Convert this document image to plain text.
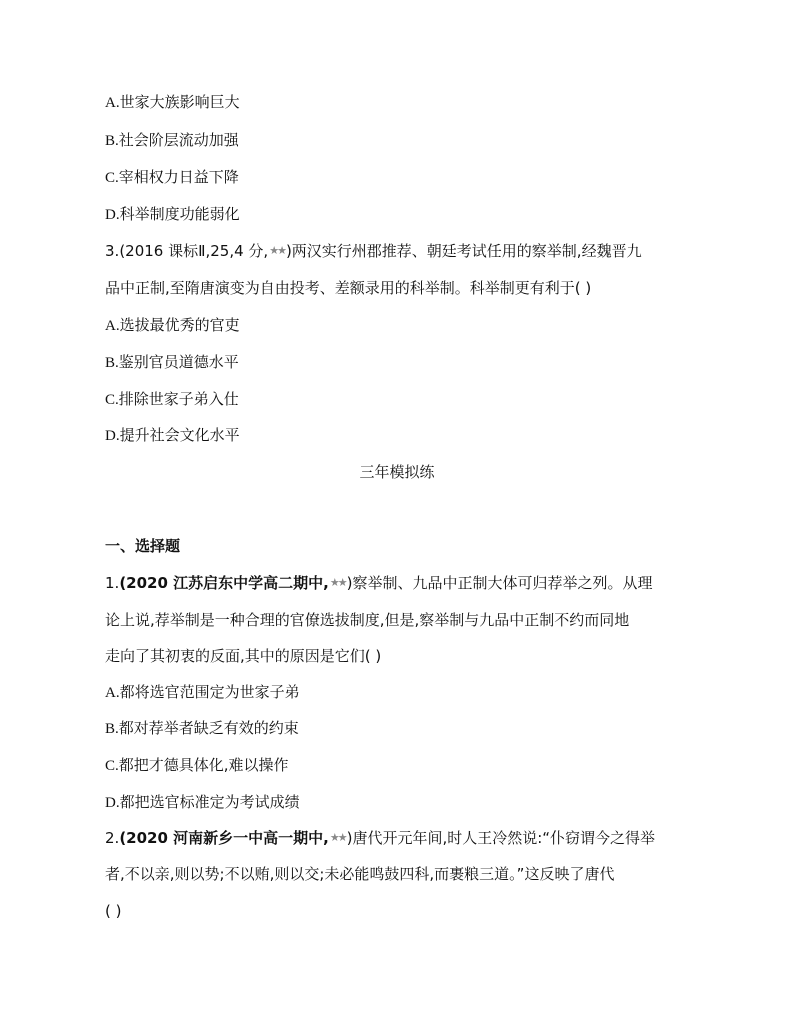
A.世家大族影响巨大
B.社会阶层流动加强
C.宰相权力日益下降
D.科举制度功能弱化
3.(2016 课标Ⅱ,25,4 分,★★)两汉实行州郡推荐、朝廷考试任用的察举制,经魏晋九
品中正制,至隋唐演变为自由投考、差额录用的科举制。科举制更有利于( )
A.选拔最优秀的官吏
B.鉴别官员道德水平
C.排除世家子弟入仕
D.提升社会文化水平
三年模拟练
一、选择题
1.(2020 江苏启东中学高二期中,★★)察举制、九品中正制大体可归荐举之列。从理
论上说,荐举制是一种合理的官僚选拔制度,但是,察举制与九品中正制不约而同地
走向了其初衷的反面,其中的原因是它们( )
A.都将选官范围定为世家子弟
B.都对荐举者缺乏有效的约束
C.都把才德具体化,难以操作
D.都把选官标准定为考试成绩
2.(2020 河南新乡一中高一期中,★★)唐代开元年间,时人王冷然说:“仆窃谓今之得举
者,不以亲,则以势;不以贿,则以交;未必能鸣鼓四科,而裹粮三道。”这反映了唐代
( )
